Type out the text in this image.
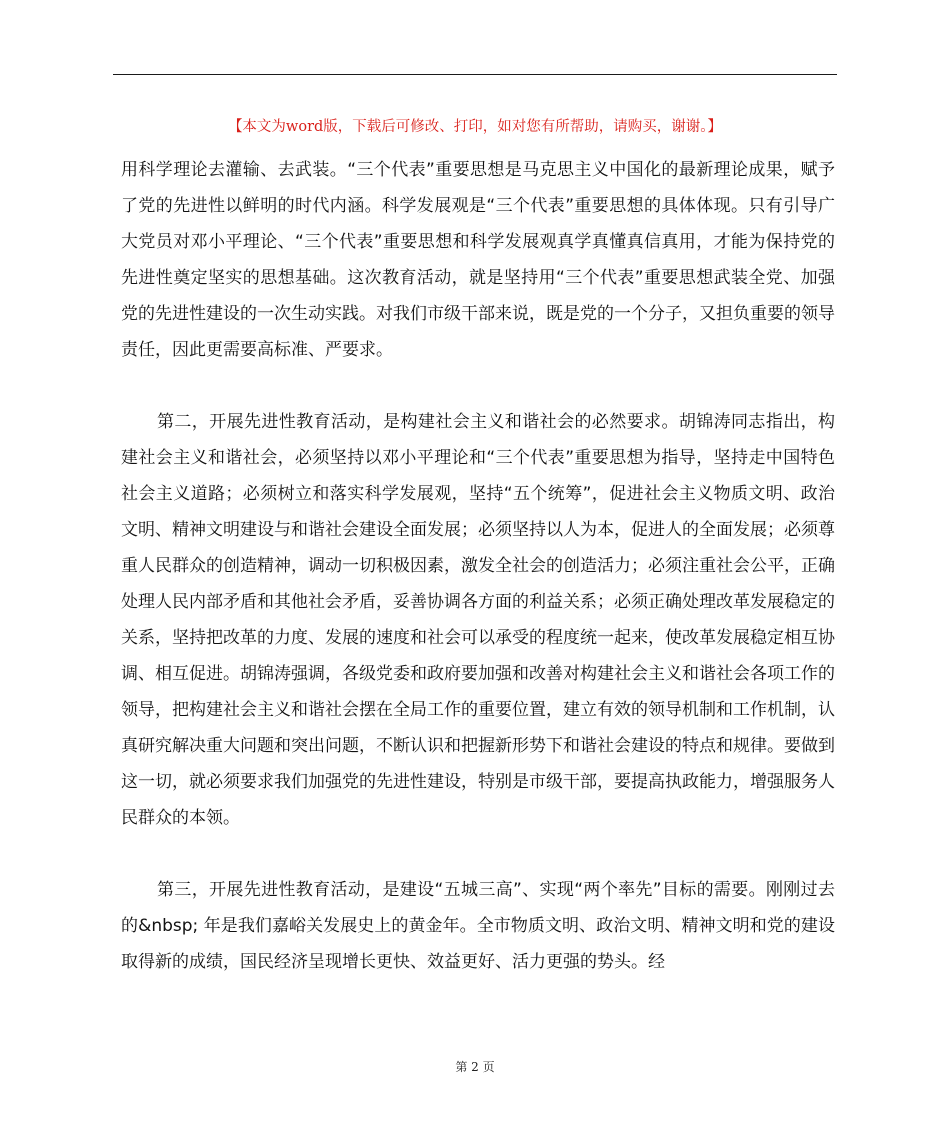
【本文为word版，下载后可修改、打印，如对您有所帮助，请购买，谢谢。】

用科学理论去灌输、去武装。“三个代表”重要思想是马克思主义中国化的最新理论成果，赋予了党的先进性以鲜明的时代内涵。科学发展观是“三个代表”重要思想的具体体现。只有引导广大党员对邓小平理论、“三个代表”重要思想和科学发展观真学真懂真信真用，才能为保持党的先进性奠定坚实的思想基础。这次教育活动，就是坚持用“三个代表”重要思想武装全党、加强党的先进性建设的一次生动实践。对我们市级干部来说，既是党的一个分子，又担负重要的领导责任，因此更需要高标准、严要求。

第二，开展先进性教育活动，是构建社会主义和谐社会的必然要求。胡锦涛同志指出，构建社会主义和谐社会，必须坚持以邓小平理论和“三个代表”重要思想为指导，坚持走中国特色社会主义道路；必须树立和落实科学发展观，坚持“五个统筹”，促进社会主义物质文明、政治文明、精神文明建设与和谐社会建设全面发展；必须坚持以人为本，促进人的全面发展；必须尊重人民群众的创造精神，调动一切积极因素，激发全社会的创造活力；必须注重社会公平，正确处理人民内部矛盾和其他社会矛盾，妥善协调各方面的利益关系；必须正确处理改革发展稳定的关系，坚持把改革的力度、发展的速度和社会可以承受的程度统一起来，使改革发展稳定相互协调、相互促进。胡锦涛强调，各级党委和政府要加强和改善对构建社会主义和谐社会各项工作的领导，把构建社会主义和谐社会摆在全局工作的重要位置，建立有效的领导机制和工作机制，认真研究解决重大问题和突出问题，不断认识和把握新形势下和谐社会建设的特点和规律。要做到这一切，就必须要求我们加强党的先进性建设，特别是市级干部，要提高执政能力，增强服务人民群众的本领。

第三，开展先进性教育活动，是建设“五城三高”、实现“两个率先”目标的需要。刚刚过去的&nbsp; 年是我们嘉峪关发展史上的黄金年。全市物质文明、政治文明、精神文明和党的建设取得新的成绩，国民经济呈现增长更快、效益更好、活力更强的势头。经

第 2 页
